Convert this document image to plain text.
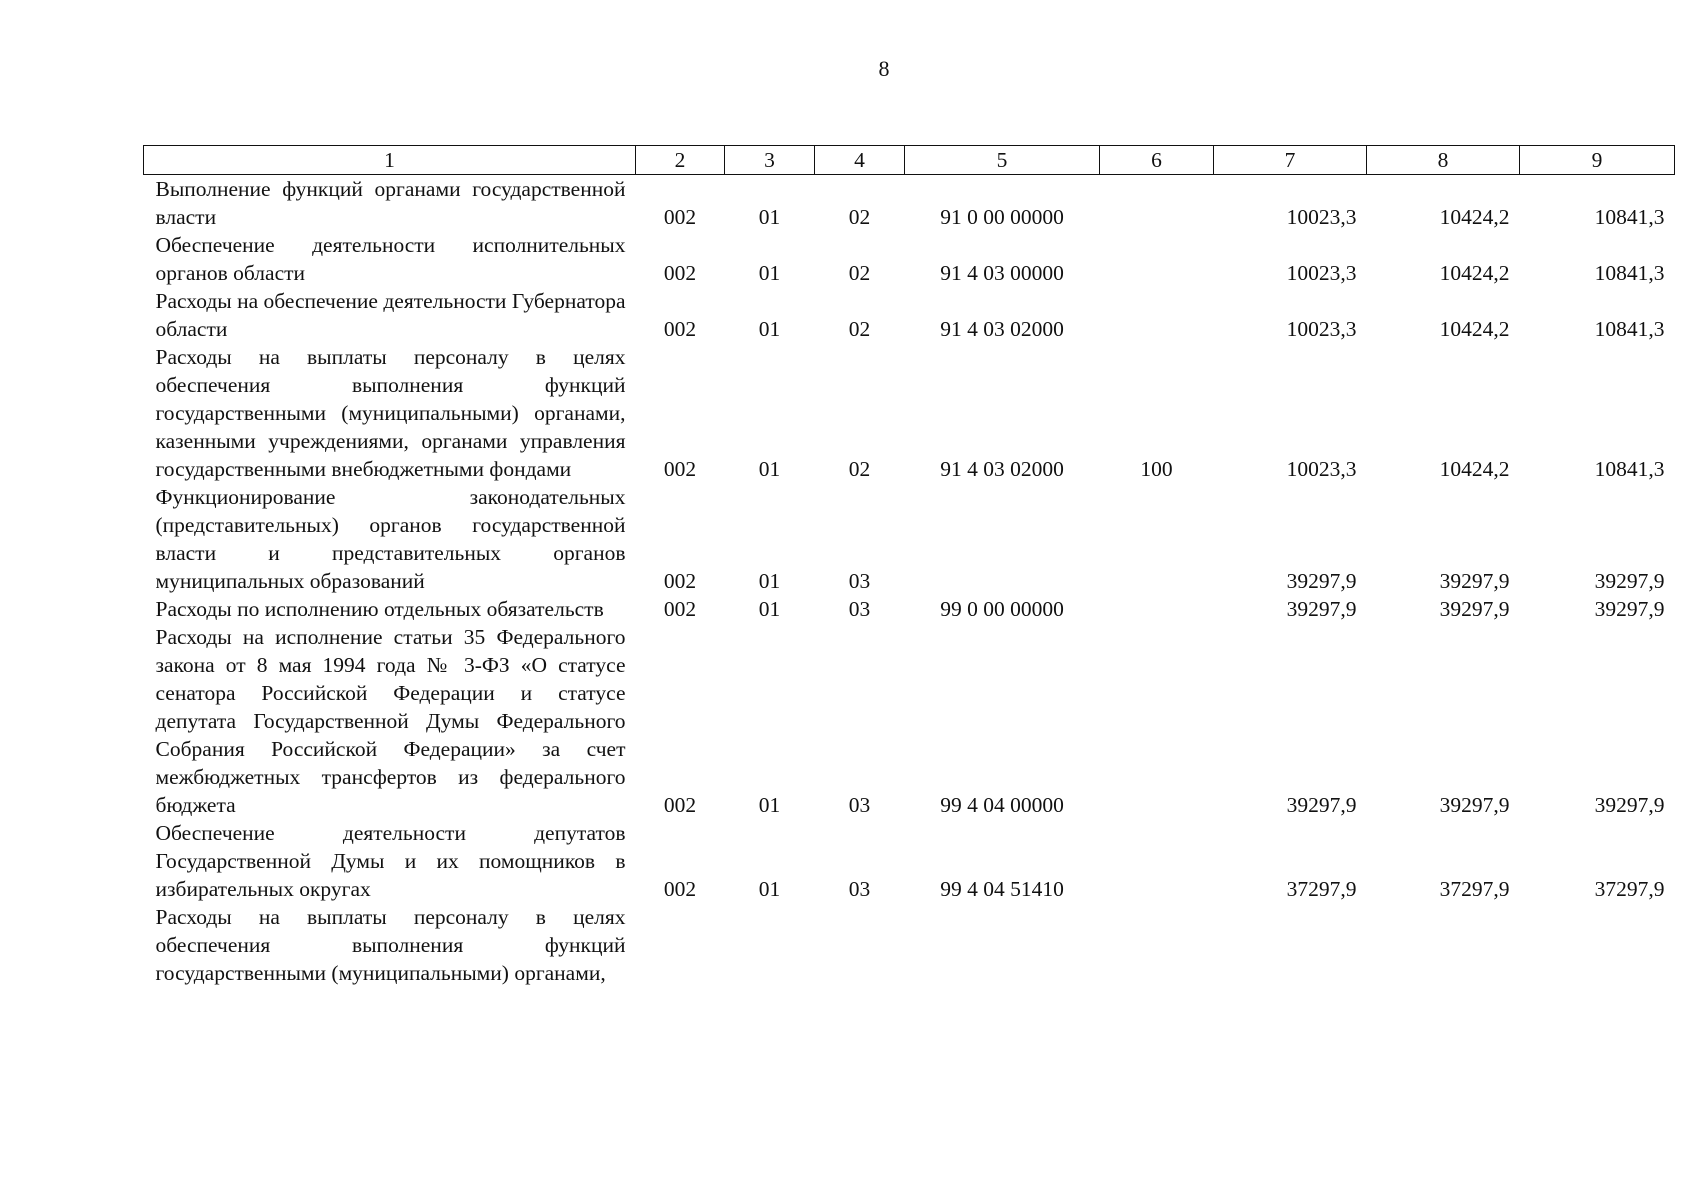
8
1	2	3	4	5	6	7	8	9
Выполнение функций органами государственной власти	002	01	02	91 0 00 00000		10023,3	10424,2	10841,3
Обеспечение деятельности исполнительных органов области	002	01	02	91 4 03 00000		10023,3	10424,2	10841,3
Расходы на обеспечение деятельности Губернатора области	002	01	02	91 4 03 02000		10023,3	10424,2	10841,3
Расходы на выплаты персоналу в целях обеспечения выполнения функций государственными (муниципальными) органами, казенными учреждениями, органами управления государственными внебюджетными фондами	002	01	02	91 4 03 02000	100	10023,3	10424,2	10841,3
Функционирование законодательных (представительных) органов государственной власти и представительных органов муниципальных образований	002	01	03			39297,9	39297,9	39297,9
Расходы по исполнению отдельных обязательств	002	01	03	99 0 00 00000		39297,9	39297,9	39297,9
Расходы на исполнение статьи 35 Федерального закона от 8 мая 1994 года № 3-ФЗ «О статусе сенатора Российской Федерации и статусе депутата Государственной Думы Федерального Собрания Российской Федерации» за счет межбюджетных трансфертов из федерального бюджета	002	01	03	99 4 04 00000		39297,9	39297,9	39297,9
Обеспечение деятельности депутатов Государственной Думы и их помощников в избирательных округах	002	01	03	99 4 04 51410		37297,9	37297,9	37297,9
Расходы на выплаты персоналу в целях обеспечения выполнения функций государственными (муниципальными) органами,								
